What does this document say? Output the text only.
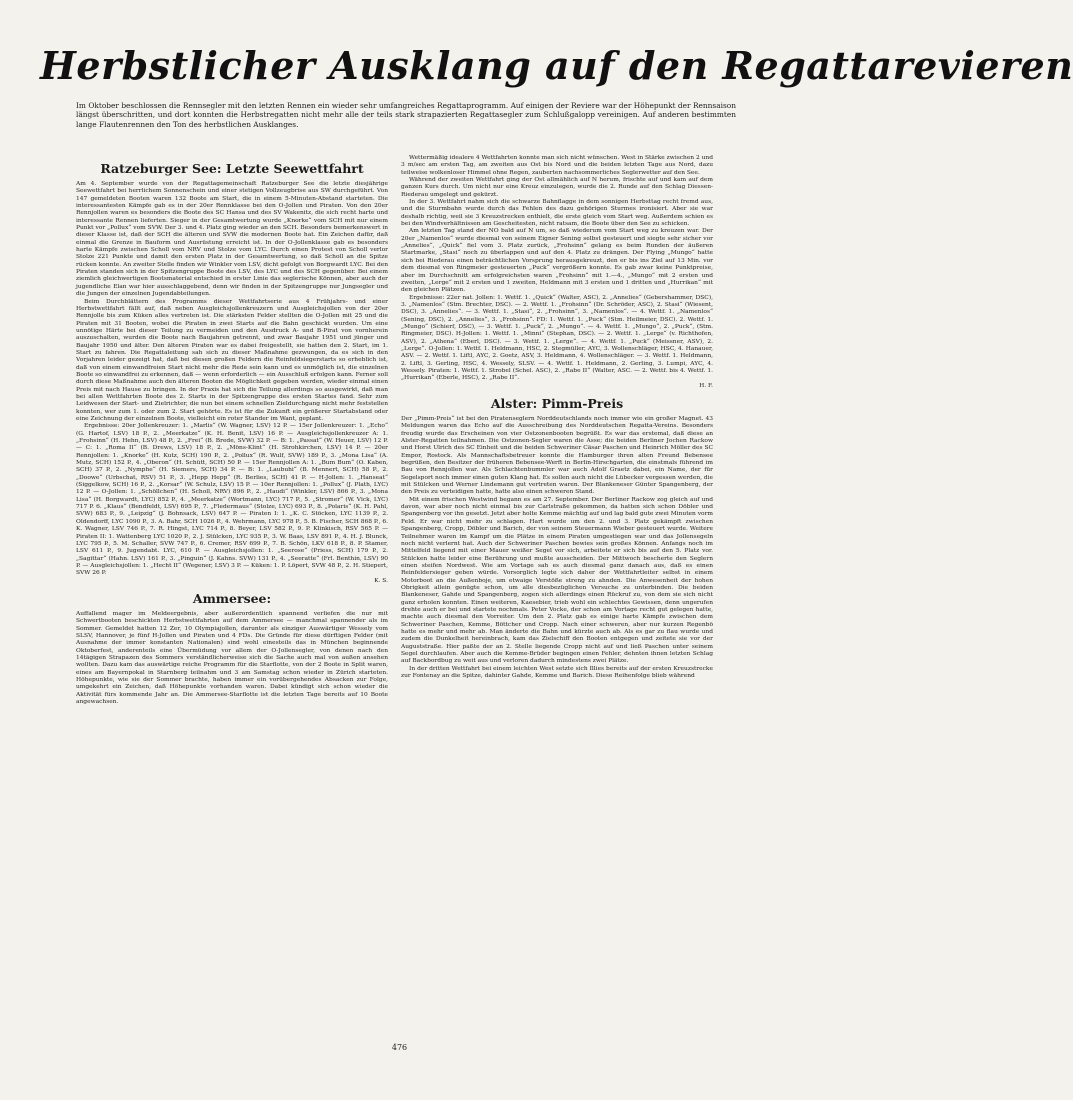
Herbstlicher Ausklang auf den Regattarevieren
Im Oktober beschlossen die Rennsegler mit den letzten Rennen ein wieder sehr umfangreiches Regattaprogramm. Auf einigen der Reviere war der Höhepunkt der Rennsaison längst überschritten, und dort konnten die Herbstregatten nicht mehr alle der teils stark strapazierten Regattasegler zum Schlußgalopp vereinigen. Auf anderen bestimmten lange Flautenrennen den Ton des herbstlichen Ausklanges.
Ratzeburger See: Letzte Seewettfahrt

Am 4. September wurde von der Regattagemeinschaft Ratzeburger See die letzte diesjährige Seewettfahrt bei herrlichem Sonnenschein und einer stetigen Vollzeugbrise aus SW durchgeführt. Von 147 gemeldeten Booten waren 132 Boote am Start, die in einem 5-Minuten-Abstand starteten. Die interessantesten Kämpfe gab es in der 20er Rennklasse bei den O-Jollen und Piraten. Von den 20er Rennjollen waren es besonders die Boote des SC Hansa und des SV Wakenitz, die sich recht harte und interessante Rennen lieferten. Sieger in der Gesamtwertung wurde „Knorke“ vom SCH mit nur einem Punkt vor „Pollux“ vom SVW. Der 3. und 4. Platz ging wieder an den SCH. Besonders bemerkenswert in dieser Klasse ist, daß der SCH die älteren und SVW die modernen Boote hat. Ein Zeichen dafür, daß einmal die Grenze in Bauform und Ausrüstung erreicht ist. In der O-Jollenklasse gab es besonders harte Kämpfe zwischen Scholl vom NRV und Stolze vom LYC. Durch einen Protest von Scholl verlor Stolze 221 Punkte und damit den ersten Platz in der Gesamtwertung, so daß Scholl an die Spitze rücken konnte. An zweiter Stelle finden wir Winkler vom LSV, dicht gefolgt von Borgwardt LYC. Bei den Piraten standen sich in der Spitzengruppe Boote des LSV, des LYC und des SCH gegenüber. Bei einem ziemlich gleichwertigen Bootsmaterial entschied in erster Linie das seglerische Können, aber auch der jugendliche Elan war hier ausschlaggebend, denn wir finden in der Spitzengruppe nur Jungsegler und die Jungen der einzelnen Jugendabteilungen.

Beim Durchblättern des Programms dieser Wettfahrtserie aus 4 Frühjahrs- und einer Herbstwettfahrt fällt auf, daß neben Ausgleichsjollenkreuzern und Ausgleichsjollen von der 20er Rennjolle bis zum Küken alles vertreten ist. Die stärksten Felder stellten die O-Jollen mit 25 und die Piraten mit 31 Booten, wobei die Piraten in zwei Starts auf die Bahn geschickt wurden. Um eine unnötige Härte bei dieser Teilung zu vermeiden und den Ausdruck A- und B-Pirat von vornherein auszuschalten, wurden die Boote nach Baujahren getrennt, und zwar Baujahr 1951 und jünger und Baujahr 1950 und älter. Den älteren Piraten war es dabei freigestellt, sie hatten den 2. Start, im 1. Start zu fahren. Die Regattaleitung sah sich zu dieser Maßnahme gezwungen, da es sich in den Vorjahren leider gezeigt hat, daß bei diesen großen Feldern die Reinfeldsiegerstarts so erheblich ist, daß von einem einwandfreien Start nicht mehr die Rede sein kann und es unmöglich ist, die einzelnen Boote so einwandfrei zu erkennen, daß — wenn erforderlich — ein Ausschluß erfolgen kann. Ferner soll durch diese Maßnahme auch den älteren Booten die Möglichkeit gegeben werden, wieder einmal einen Preis mit nach Hause zu bringen. In der Praxis hat sich die Teilung allerdings so ausgewirkt, daß man bei allen Wettfahrten Boote des 2. Starts in der Spitzengruppe des ersten Startes fand. Sehr zum Leidwesen der Start- und Zielrichter, die nun bei einem schnellen Zieldurchgang nicht mehr feststellen konnten, wer zum 1. oder zum 2. Start gehörte. Es ist für die Zukunft ein größerer Startabstand oder eine Zeichnung der einzelnen Boote, vielleicht ein roter Stander im Want, geplant.

Ergebnisse: 20er Jollenkreuzer: 1. „Marlis“ (W. Wagner, LSV) 12 P. — 15er Jollenkreuzer: 1. „Echo“ (G. Hartof, LSV) 18 P., 2. „Meerkatze“ (K. H. Benit, LSV) 16 P. — Ausgleichsjollenkreuzer A: 1. „Frohsinn“ (H. Hehn, LSV) 48 P., 2. „Frei“ (B. Brede, SVW) 32 P. — B: 1. „Passat“ (W. Heuer, LSV) 12 P. — C: 1. „Roma II“ (B. Drews, LSV) 18 P., 2. „Möns-Klint“ (H. Strohkirchen, LSV) 14 P. — 20er Rennjollen: 1. „Knorke“ (H. Kutz, SCH) 190 P., 2. „Pollux“ (R. Wulf, SVW) 189 P., 3. „Mona Lisa“ (A. Mutz, SCH) 152 P., 4. „Oberon“ (H. Schütt, SCH) 50 P. — 15er Rennjollen A: 1. „Bum Bum“ (O. Kaben, SCH) 37 P., 2. „Nymphe“ (H. Siemers, SCH) 34 P. — B: 1. „Laubuhi“ (B. Mennert, SCH) 58 P., 2. „Doowe“ (Urbschat, RSV) 51 P., 3. „Hepp Hepp“ (R. Berlies, SCH) 41 P. — H-Jollen: 1. „Hanseat“ (Siggelkow, SCH) 16 P., 2. „Korsar“ (W. Schulz, LSV) 15 P. — 10er Rennjollen: 1. „Pollux“ (J. Plath, LYC) 12 P. — O-Jollen: 1. „Schöllchen“ (H. Scholl, NRV) 896 P., 2. „Haudi“ (Winkler, LSV) 866 P., 3. „Mona Lisa“ (H. Borgwardt, LYC) 852 P., 4. „Meerkatze“ (Wortmann, LYC) 717 P., 5. „Stromer“ (W. Vick, LYC) 717 P. 6. „Klaus“ (Bendfeldt, LSV) 695 P., 7. „Fledermaus“ (Stolze, LYC) 693 P., 8. „Polaris“ (K. H. Pahl, SVW) 683 P., 9. „Leipzig“ (J. Bohnsack, LSV) 647 P. — Piraten I: 1. „K. C. Stöcken, LYC 1139 P., 2. Oldendorff, LYC 1090 P., 3. A. Bahr, SCH 1026 P., 4. Wehrmann, LYC 978 P., 5. B. Fischer, SCH 868 P., 6. K. Wagner, LSV 746 P., 7. R. Hingst, LYC 714 P., 8. Beyer, LSV 582 P., 9. P. Klinkisch, RSV 565 P. — Piraten II: 1. Wattenberg LYC 1020 P., 2. J. Stülcken, LYC 935 P., 3. W. Baas, LSV 891 P., 4. H. J. Blunck, LYC 795 P., 5. M. Schaller, SVW 747 P., 6. Cremer, RSV 699 P., 7. B. Schön, LKV 618 P., 8. P. Stamer, LSV 611 P., 9. Jugendabt. LYC, 610 P. — Ausgleichsjollen: 1. „Seerose“ (Priess, SCH) 179 P., 2. „Sagittar“ (Hahn. LSV) 161 P., 3. „Pinguin“ (J. Kahns. SVW) 131 P., 4. „Seeratte“ (Frl. Benthin, LSV) 90 P. — Ausgleichsjollen: 1. „Hecht II“ (Wegener, LSV) 3 P. — Küken: 1. P. Löpert, SVW 48 P., 2. H. Stiepert, SVW 26 P.

K. S.

Ammersee:

Auffallend mager im Meldeergebnis, aber außerordentlich spannend verliefen die nur mit Schwertbooten beschickten Herbstwettfahrten auf dem Ammersee — manchmal spannender als im Sommer. Gemeldet hatten 12 Zer, 10 Olympiajollen, darunter als einziger Auswärtiger Wessely vom SLSV, Hannover, je fünf H-Jollen und Piraten und 4 FDs. Die Gründe für diese dürftigen Felder (mit Ausnahme der immer konstanten Nationalen) sind wohl einesteils das in München beginnende Oktoberfest, anderenteils eine Übermüdung vor allem der O-Jollensegler, von denen nach den 14tägigen Strapazen des Sommers verständlicherweise sich die Sache auch mal von außen ansehen wollten. Dazu kam das auswärtige reiche Programm für die Starflotte, von der 2 Boote in Split waren, eines am Bayernpokal in Starnberg teilnahm und 3 am Samstag schon wieder in Zürich starteten. Höhepunkte, wie sie der Sommer brachte, haben immer ein vorübergehendes Absacken zur Folge, umgekehrt ein Zeichen, daß Höhepunkte vorhanden waren. Dabei kündigt sich schon wieder die Aktivität fürs kommende Jahr an. Die Ammersee-Starflotte ist die letzten Tage bereits auf 10 Boote angewachsen.

Wettermäßig idealere 4 Wettfahrten konnte man sich nicht wünschen. West in Stärke zwischen 2 und 3 m/sec am ersten Tag, am zweiten aus Ost bis Nord und die beiden letzten Tage aus Nord, dazu teilweise wolkenloser Himmel ohne Regen, zauberten nachsommerliches Seglerwetter auf den See.

Während der zweiten Wettfahrt ging der Ost allmählich auf N herum, frischte auf und kam auf dem ganzen Kurs durch. Um nicht nur eine Kreuz einzulegen, wurde die 2. Runde auf den Schlag Diessen-Riederau umgelegt und gekürzt.

In der 3. Wettfahrt nahm sich die schwarze Bahnflagge in dem sonnigen Herbsttag recht fremd aus, und die Sturmbahn wurde durch das Fehlen des dazu gehörigen Sturmes ironisiert. Aber sie war deshalb richtig, weil sie 3 Kreuzstrecken enthielt, die erste gleich vom Start weg. Außerdem schien es bei den Windverhältnissen am Gescheitesten, nicht ratsam, die Boote über den See zu schicken.

Am letzten Tag stand der NO bald auf N um, so daß wiederum vom Start weg zu kreuzen war. Der 20er „Namenlos“ wurde diesmal von seinem Eigner Sening selbst gesteuert und siegte sehr sicher vor „Annelies“, „Quick“ fiel vom 3. Platz zurück, „Frohsinn“ gelang es beim Runden der äußeren Startmarke, „Stasi“ noch zu überlappen und auf den 4. Platz zu drängen. Der Flying „Mungo“ hatte sich bei Riederau einen beträchtlichen Vorsprung herausgekreuzt, den er bis ins Ziel auf 13 Min. vor dem diesmal von Ringmeier gesteuerten „Puck“ vergrößern konnte. Es gab zwar keine Punktpreise, aber im Durchschnitt am erfolgreichsten waren „Frohsinn“ mit 1.—4., „Mungo“ mit 2 ersten und zweiten, „Lerge“ mit 2 ersten und 1 zweiten, Heldmann mit 3 ersten und 1 dritten und „Hurrikan“ mit den gleichen Plätzen.

Ergebnisse: 22er nat. Jollen: 1. Wettf. 1. „Quick“ (Walter, ASC), 2. „Annelies“ (Gebershammer, DSC), 3. „Namenlos“ (Stm. Brechter, DSC). — 2. Wettf. 1. „Frohsinn“ (Dr. Schröder, ASC), 2. Stasi“ (Wiesent, DSC), 3. „Annelies“. — 3. Wettf. 1. „Stasi“, 2. „Frohsinn“, 3. „Namenlos“. — 4. Wettf. 1. „Namenlos“ (Sening, DSC), 2. „Annelies“, 3. „Frohsinn“. FD: 1. Wettf. 1. „Puck“ (Stm. Heilmeier, DSC). 2. Wettf. 1. „Mungo“ (Schierf, DSC), — 3. Wettf. 1. „Puck“, 2. „Mungo“. — 4. Wettf. 1. „Mungo“, 2. „Puck“, (Stm. Ringmeier, DSC). H-Jollen: 1. Wettf. 1. „Minni“ (Stephan, DSC). — 2. Wettf. 1. „Lerge“ (v. Richthofen, ASV), 2. „Athena“ (Eberl, DSC). — 3. Wettf. 1. „Lerge“. — 4. Wettf. 1. „Puck“ (Meissner, ASV), 2. „Lerge“. O-Jollen: 1. Wettf. 1. Heldmann, HSC, 2. Stegmüller, AYC, 3. Wollenschläger, HSC, 4. Hanauer, ASV. — 2. Wettf. 1. Liftl, AYC, 2. Goetz, ASV, 3. Heldmann, 4. Wollenschläger. — 3. Wettf. 1. Heldmann, 2. Liftl, 3. Gerling, HSC, 4. Wessely, SLSV. — 4. Wettf. 1. Heldmann, 2. Gerling, 3. Lumpi, AYC, 4. Wessely. Piraten: 1. Wettf. 1. Strobel (Schel. ASC), 2. „Rabe II“ (Walter, ASC. — 2. Wettf. bis 4. Wettf. 1. „Hurrikan“ (Eberle, HSC), 2. „Rabe II“.

H. F.

Alster: Pimm-Preis

Der „Pimm-Preis“ ist bei den Piratenseglern Norddeutschlands noch immer wie ein großer Magnet. 43 Meldungen waren das Echo auf die Ausschreibung des Norddeutschen Regatta-Vereins. Besonders freudig wurde das Erscheinen von vier Ostzonenbooten begrüßt. Es war das erstemal, daß diese an Alster-Regatten teilnahmen. Die Ostzonen-Segler waren die Asse; die beiden Berliner Jochen Rackow und Horst Ulrich des SC Einheit und die beiden Schweriner Cäsar Paschen und Heinrich Möller des SC Empor, Rostock. Als Mannschaftsbetreuer konnte die Hamburger ihren alten Freund Bebensee begrüßen, den Besitzer der früheren Bebensee-Werft in Berlin-Hirschgarten, die einstmals führend im Bau von Rennjollen war. Als Schlachtenbummler war auch Adolf Graetz dabei, ein Name, der für Segelsport noch immer einen guten Klang hat. Es sollen auch nicht die Lübecker vergessen werden, die mit Stülcken und Werner Lindemann gut vertreten waren. Der Blankeneser Günter Spangenberg, der den Preis zu verteidigen hatte, hatte also einen schweren Stand.

Mit einem frischen Westwind begann es am 27. September. Der Berliner Rackow zog gleich auf und davon, war aber noch nicht einmal bis zur Carlstraße gekommen, da hatten sich schon Döbler und Spangenberg vor ihn gesetzt. Jetzt aber holte Kemme mächtig auf und lag bald gute zwei Minuten vorm Feld. Er war nicht mehr zu schlagen. Hart wurde um den 2. und 3. Platz gekämpft zwischen Spangenberg, Cropp, Döbler und Barich, der von seinem Steuermann Wieber gesteuert wurde. Weitere Teilnehmer waren im Kampf um die Plätze in einem Piraten umgestiegen war und das Jollensegeln noch nicht verlernt hat. Auch der Schweriner Paschen bewies sein großes Können. Anfangs noch im Mittelfeld liegend mit einer Mauer weißer Segel vor sich, arbeitete er sich bis auf den 5. Platz vor. Stülcken hatte leider eine Berührung und mußte ausscheiden. Der Mittwoch bescherte den Seglern einen steifen Nordwest. Wie am Vortage sah es auch diesmal ganz danach aus, daß es einen Reinfeldersieger geben würde. Vorsorglich legte sich daher der Wettfahrtleiter selbst in einem Motorboot an die Außenboje, um etwaige Verstöße streng zu ahnden. Die Anwesenheit der hohen Obrigkeit allein genügte schon, um alle diesbezüglichen Versuche zu unterbinden. Die beiden Blankeneser, Gahde und Spangenberg, zogen sich allerdings einen Rückruf zu, von dem sie sich nicht ganz erholen konnten. Einen weiteren, Kaesebier, trieb wohl ein schlechtes Gewissen, denn ungerufen drehte auch er bei und startete nochmals. Peter Vocke, der schon am Vortage recht gut gelegen hatte, machte auch diesmal den Vorreiter. Um den 2. Platz gab es einige harte Kämpfe zwischen dem Schweriner Paschen, Kemme, Böttcher und Cropp. Nach einer schweren, aber nur kurzen Regenbö hatte es mehr und mehr ab. Man änderte die Bahn und kürzte auch ab. Als es gar zu flau wurde und zudem die Dunkelheit hereinbrach, kam das Zielschiff den Booten entgegen und zeitete sie vor der Auguststraße. Hier paßte der an 2. Stelle liegende Cropp nicht auf und ließ Paschen unter seinem Segel durchlaufen. Aber auch die Kemme-Brüder begingen einen Fehler, dehnten ihnen letzten Schlag auf Backbordbug zu weit aus und verloren dadurch mindestens zwei Plätze.

In der dritten Wettfahrt bei einem leichten West setzte sich Illies bereits auf der ersten Kreuzstrecke zur Fontenay an die Spitze, dahinter Gahde, Kemme und Barich. Diese Reihenfolge blieb während

476
